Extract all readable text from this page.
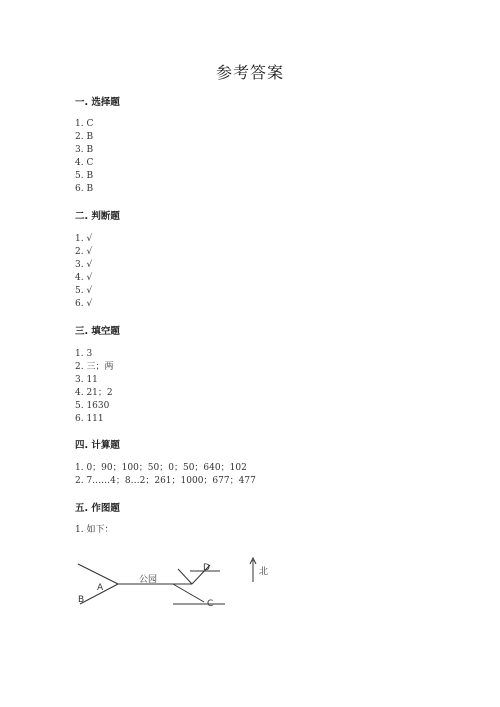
参考答案
一. 选择题
1. C
2. B
3. B
4. C
5. B
6. B
二. 判断题
1. √
2. √
3. √
4. √
5. √
6. √
三. 填空题
1. 3
2. 三；两
3. 11
4. 21；2
5. 1630
6. 111
四. 计算题
1. 0；90；100；50；0；50；640；102
2. 7……4；8…2；261；1000；677；477
五. 作图题
1. 如下：
A
B	C
D
公园
北
